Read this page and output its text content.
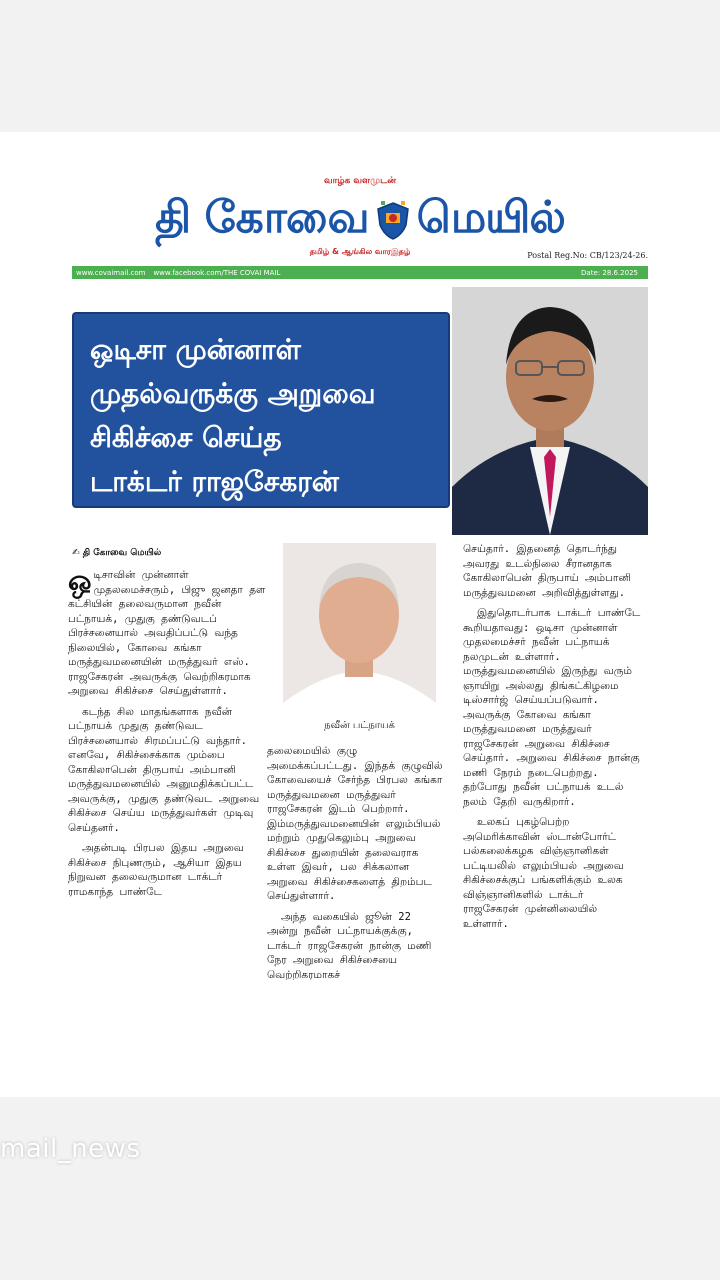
வாழ்க வளமுடன்
தி கோவை மெயில்
தமிழ் & ஆங்கில வாரஇதழ்	Postal Reg.No: CB/123/24-26.
www.covaimail.com www.facebook.com/THE COVAI MAIL	Date: 28.6.2025

ஒடிசா முன்னாள்

முதல்வருக்கு அறுவை

சிகிச்சை செய்த

டாக்டர் ராஜசேகரன்

✍ தி கோவை மெயில்
ஒடிசாவின் முன்னாள் முதலமைச்சரும், பிஜு ஜனதா தள கட்சியின் தலைவருமான நவீன் பட்நாயக், முதுகு தண்டுவடப் பிரச்சனையால் அவதிப்பட்டு வந்த நிலையில், கோவை கங்கா மருத்துவமனையின் மருத்துவர் எஸ். ராஜசேகரன் அவருக்கு வெற்றிகரமாக அறுவை சிகிச்சை செய்துள்ளார்.
கடந்த சில மாதங்களாக நவீன் பட்நாயக் முதுகு தண்டுவட பிரச்சனையால் சிரமப்பட்டு வந்தார். எனவே, சிகிச்சைக்காக மும்பை கோகிலாபென் திருபாய் அம்பானி மருத்துவமனையில் அனுமதிக்கப்பட்ட அவருக்கு, முதுகு தண்டுவட அறுவை சிகிச்சை செய்ய மருத்துவர்கள் முடிவு செய்தனர்.
அதன்படி பிரபல இதய அறுவை சிகிச்சை நிபுணரும், ஆசியா இதய நிறுவன தலைவருமான டாக்டர் ராமகாந்த பாண்டே
நவீன் பட்நாயக்
தலைமையில் குழு அமைக்கப்பட்டது. இந்தக் குழுவில் கோவையைச் சேர்ந்த பிரபல கங்கா மருத்துவமனை மருத்துவர் ராஜசேகரன் இடம் பெற்றார். இம்மருத்துவமனையின் எலும்பியல் மற்றும் முதுகெலும்பு அறுவை சிகிச்சை துறையின் தலைவராக உள்ள இவர், பல சிக்கலான அறுவை சிகிச்சைகளைத் திறம்பட செய்துள்ளார்.
அந்த வகையில் ஜூன் 22 அன்று நவீன் பட்நாயக்குக்கு, டாக்டர் ராஜசேகரன் நான்கு மணி நேர அறுவை சிகிச்சையை வெற்றிகரமாகச்
செய்தார். இதனைத் தொடர்ந்து அவரது உடல்நிலை சீரானதாக கோகிலாபென் திருபாய் அம்பானி மருத்துவமனை அறிவித்துள்ளது.
இதுதொடர்பாக டாக்டர் பாண்டே கூறியதாவது: ஒடிசா முன்னாள் முதலமைச்சர் நவீன் பட்நாயக் நலமுடன் உள்ளார். மருத்துவமனையில் இருந்து வரும் ஞாயிறு அல்லது திங்கட்கிழமை டிஸ்சார்ஜ் செய்யப்படுவார். அவருக்கு கோவை கங்கா மருத்துவமனை மருத்துவர் ராஜசேகரன் அறுவை சிகிச்சை செய்தார். அறுவை சிகிச்சை நான்கு மணி நேரம் நடைபெற்றது. தற்போது நவீன் பட்நாயக் உடல் நலம் தேறி வருகிறார்.
உலகப் புகழ்பெற்ற அமெரிக்காவின் ஸ்டான்போர்ட் பல்கலைக்கழக விஞ்ஞானிகள் பட்டியலில் எலும்பியல் அறுவை சிகிச்சைக்குப் பங்களிக்கும் உலக விஞ்ஞானிகளில் டாக்டர் ராஜசேகரன் முன்னிலையில் உள்ளார்.
mail_news
